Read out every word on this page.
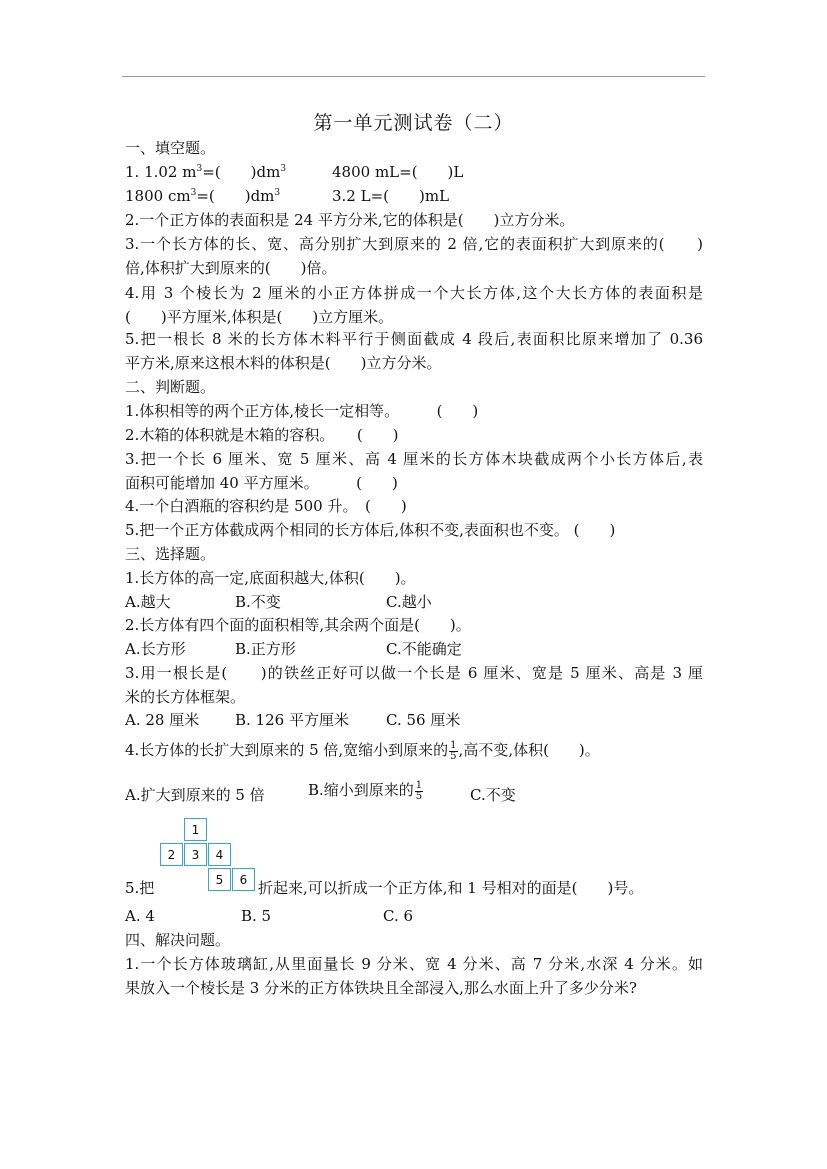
第一单元测试卷（二）
一、填空题。
1. 1.02 $m^3=$(　　)$dm^3$	4800 mL=(　　)L
1800 $cm^3=$(　　)$dm^3$	3.2 L=(　　)mL
2.一个正方体的表面积是 24 平方分米,它的体积是(　　)立方分米。
3.一个长方体的长、宽、高分别扩大到原来的 2 倍,它的表面积扩大到原来的(　　)
倍,体积扩大到原来的(　　)倍。
4.用 3 个棱长为 2 厘米的小正方体拼成一个大长方体,这个大长方体的表面积是
(　　)平方厘米,体积是(　　)立方厘米。
5.把一根长 8 米的长方体木料平行于侧面截成 4 段后,表面积比原来增加了 0.36
平方米,原来这根木料的体积是(　　)立方分米。
二、判断题。
1.体积相等的两个正方体,棱长一定相等。　　　(　　)
2.木箱的体积就是木箱的容积。　　(　　)
3.把一个长 6 厘米、宽 5 厘米、高 4 厘米的长方体木块截成两个小长方体后,表
面积可能增加 40 平方厘米。　　　(　　)
4.一个白酒瓶的容积约是 500 升。　(　　)
5.把一个正方体截成两个相同的长方体后,体积不变,表面积也不变。 (　　)
三、选择题。
1.长方体的高一定,底面积越大,体积(　　)。
A.越大	B.不变	C.越小
2.长方体有四个面的面积相等,其余两个面是(　　)。
A.长方形	B.正方形	C.不能确定
3.用一根长是(　　)的铁丝正好可以做一个长是 6 厘米、宽是 5 厘米、高是 3 厘
米的长方体框架。
A. 28 厘米 B. 126 平方厘米 C. 56 厘米
4.长方体的长扩大到原来的 5 倍,宽缩小到原来的 $\frac{1}{5}$ ,高不变,体积(　　)。
A.扩大到原来的 5 倍	B.缩小到原来的 $\frac{1}{5}$	C.不变
1
2	3	4
5	6
5.把	折起来,可以折成一个正方体,和 1 号相对的面是(　　)号。
A. 4	B. 5	C. 6
四、解决问题。
1.一个长方体玻璃缸,从里面量长 9 分米、宽 4 分米、高 7 分米,水深 4 分米。如
果放入一个棱长是 3 分米的正方体铁块且全部浸入,那么水面上升了多少分米?
